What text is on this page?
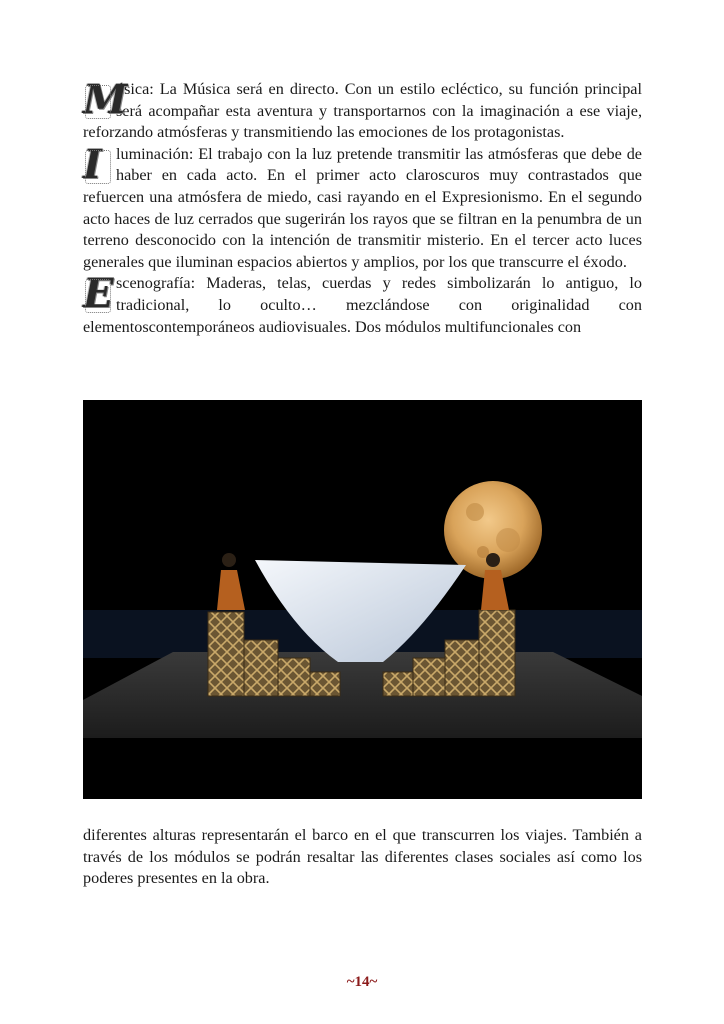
M
úsica: La Música será en directo. Con un estilo ecléctico, su función principal será acompañar esta aventura y transportarnos con la imaginación a ese viaje, reforzando atmósferas y transmitiendo las emociones de los protagonistas.

Iluminación: El trabajo con la luz pretende transmitir las atmósferas que debe de haber en cada acto. En el primer acto claroscuros muy contrastados que refuercen una atmósfera de miedo, casi rayando en el Expresionismo. En el segundo acto haces de luz cerrados que sugerirán los rayos que se filtran en la penumbra de un terreno desconocido con la intención de transmitir misterio. En el tercer acto luces generales que iluminan espacios abiertos y amplios, por los que transcurre el éxodo.

Escenografía: Maderas, telas, cuerdas y redes simbolizarán lo antiguo, lo tradicional, lo oculto… mezclándose con originalidad con elementoscontemporáneos audiovisuales. Dos módulos multifuncionales con

diferentes alturas representarán el barco en el que transcurren los viajes. También a través de los módulos se podrán resaltar las diferentes clases sociales así como los poderes presentes en la obra.

~14~
